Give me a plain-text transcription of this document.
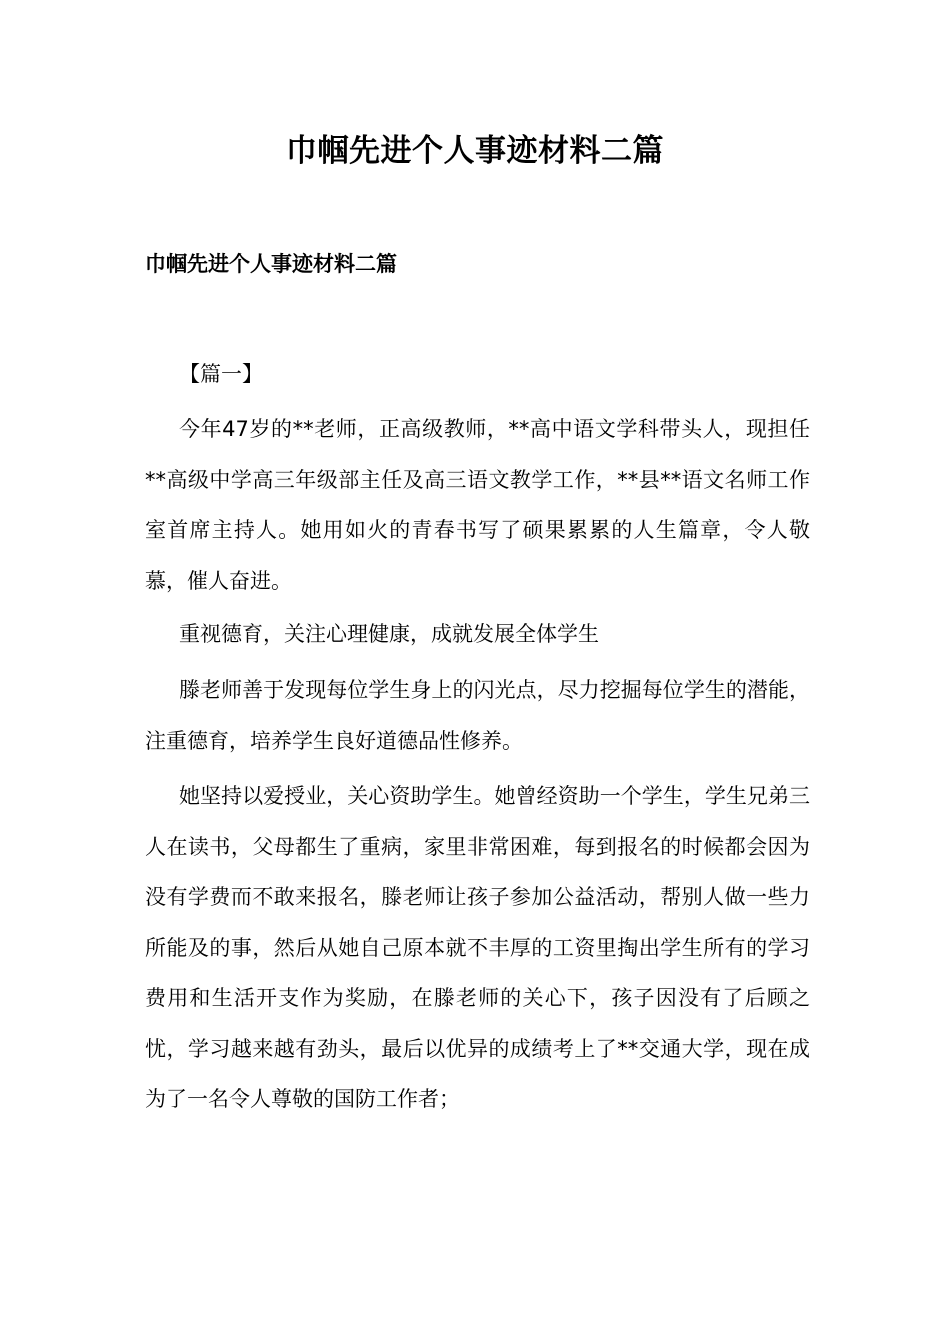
巾帼先进个人事迹材料二篇
巾帼先进个人事迹材料二篇
【篇一】

今年47岁的**老师，正高级教师，**高中语文学科带头人，现担任**高级中学高三年级部主任及高三语文教学工作，**县**语文名师工作室首席主持人。她用如火的青春书写了硕果累累的人生篇章，令人敬慕，催人奋进。

重视德育，关注心理健康，成就发展全体学生

滕老师善于发现每位学生身上的闪光点，尽力挖掘每位学生的潜能，注重德育，培养学生良好道德品性修养。

她坚持以爱授业，关心资助学生。她曾经资助一个学生，学生兄弟三人在读书，父母都生了重病，家里非常困难，每到报名的时候都会因为没有学费而不敢来报名，滕老师让孩子参加公益活动，帮别人做一些力所能及的事，然后从她自己原本就不丰厚的工资里掏出学生所有的学习费用和生活开支作为奖励，在滕老师的关心下，孩子因没有了后顾之忧，学习越来越有劲头，最后以优异的成绩考上了**交通大学，现在成为了一名令人尊敬的国防工作者；
